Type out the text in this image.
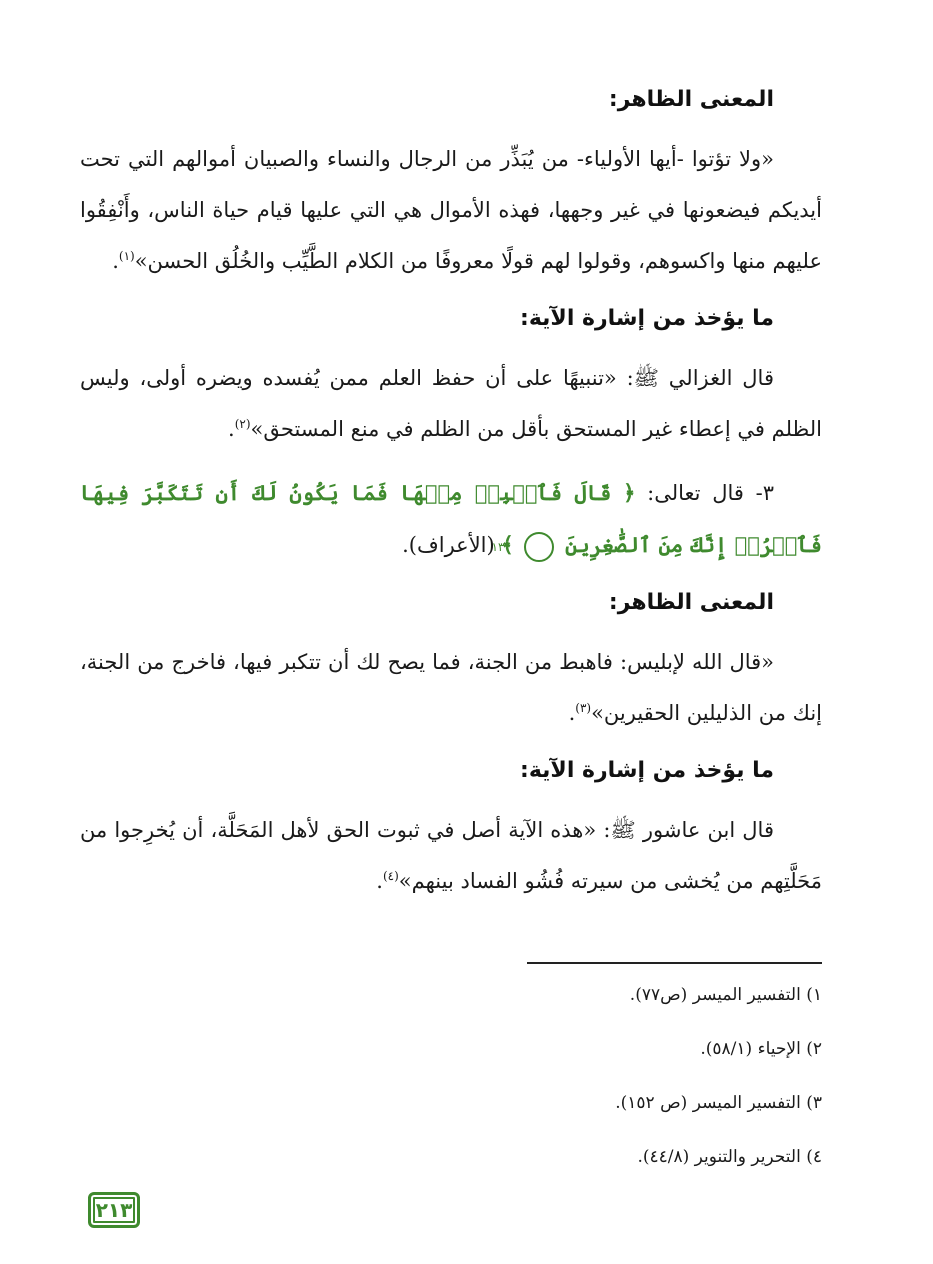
المعنى الظاهر:

«ولا تؤتوا -أيها الأولياء- من يُبَذِّر من الرجال والنساء والصبيان أموالهم التي تحت أيديكم فيضعونها في غير وجهها، فهذه الأموال هي التي عليها قيام حياة الناس، وأَنْفِقُوا عليهم منها واكسوهم، وقولوا لهم قولًا معروفًا من الكلام الطَّيِّب والخُلُق الحسن»$^{(١)}$.

ما يؤخذ من إشارة الآية:

قال الغزالي ﷺ: «تنبيهًا على أن حفظ العلم ممن يُفسده ويضره أولى، وليس الظلم في إعطاء غير المستحق بأقل من الظلم في منع المستحق»$^{(٢)}$.

٣- قال تعالى: ﴿ قَالَ فَٱهۡبِطۡ مِنۡهَا فَمَا يَكُونُ لَكَ أَن تَتَكَبَّرَ فِيهَا فَٱخۡرُجۡ إِنَّكَ مِنَ ٱلصَّٰغِرِينَ ١٣ ﴾ (الأعراف).

المعنى الظاهر:

«قال الله لإبليس: فاهبط من الجنة، فما يصح لك أن تتكبر فيها، فاخرج من الجنة، إنك من الذليلين الحقيرين»$^{(٣)}$.

ما يؤخذ من إشارة الآية:

قال ابن عاشور ﷺ: «هذه الآية أصل في ثبوت الحق لأهل المَحَلَّة، أن يُخرِجوا من مَحَلَّتِهم من يُخشى من سيرته فُشُو الفساد بينهم»$^{(٤)}$.

١) التفسير الميسر (ص٧٧).
٢) الإحياء (٥٨/١).
٣) التفسير الميسر (ص ١٥٢).
٤) التحرير والتنوير (٤٤/٨).
٢١٣
